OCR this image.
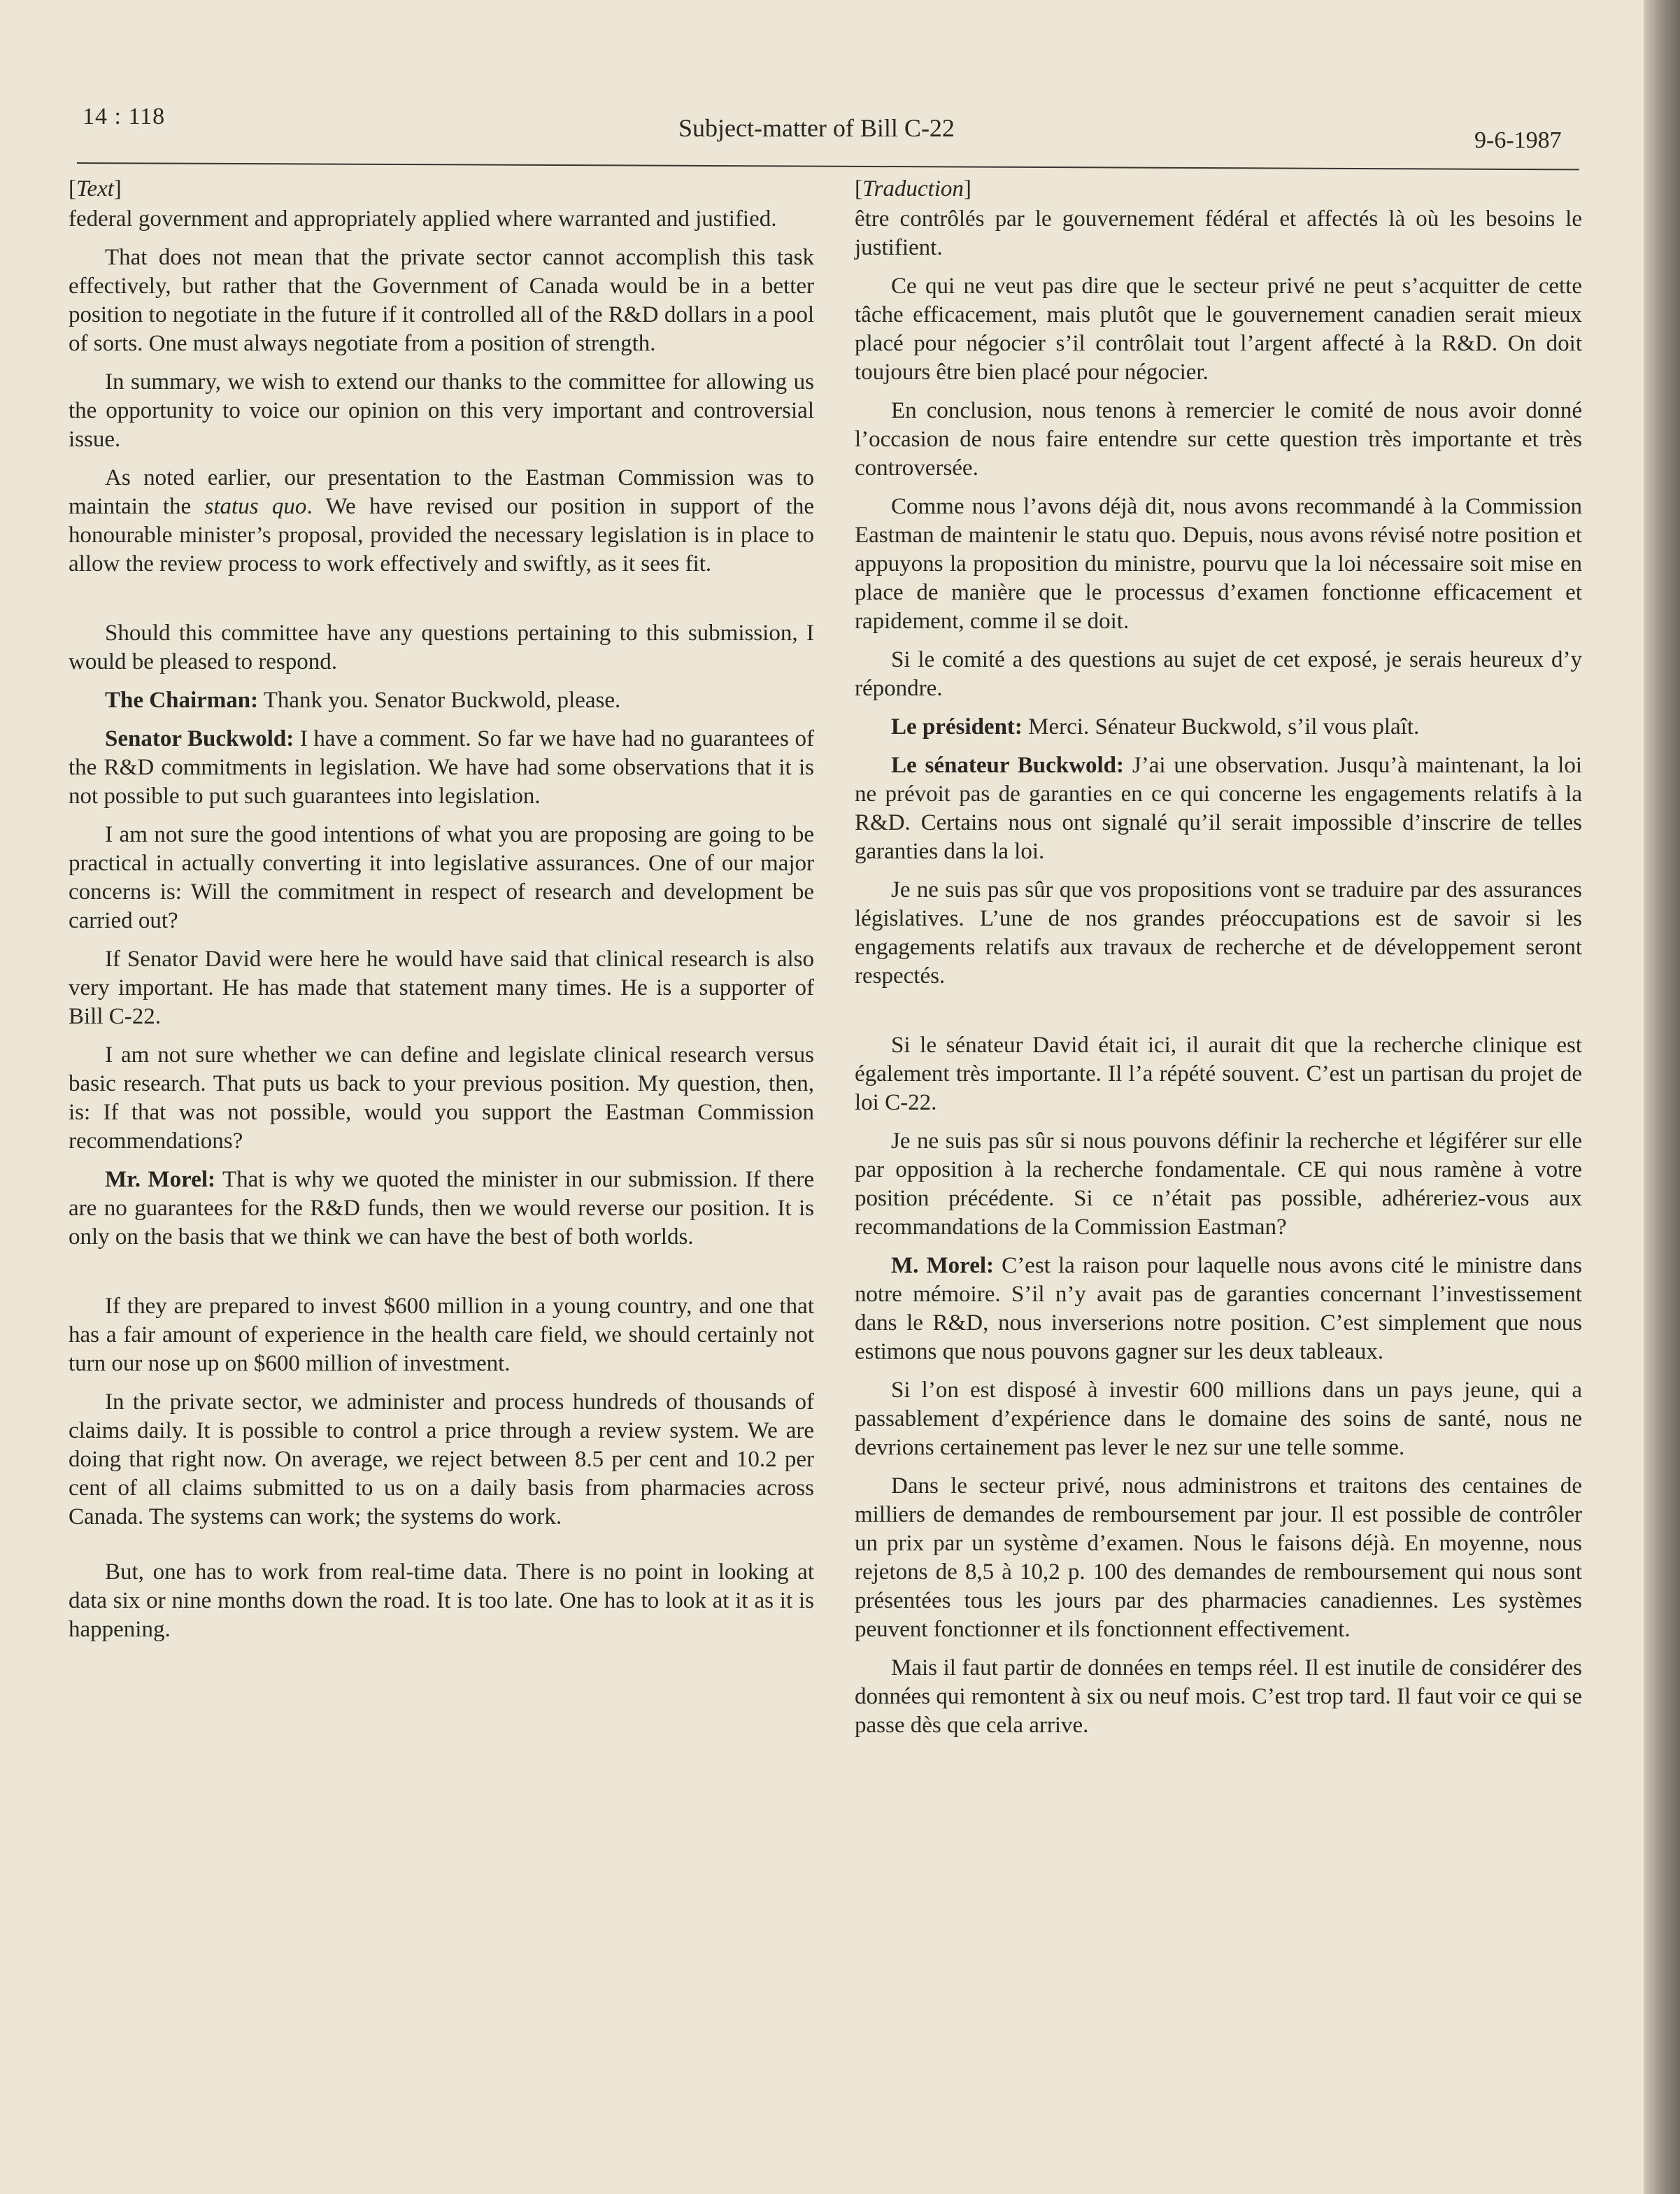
14 : 118	Subject-matter of Bill C-22	9-6-1987
[Text]

federal government and appropriately applied where warranted and justified.

That does not mean that the private sector cannot accomplish this task effectively, but rather that the Government of Canada would be in a better position to negotiate in the future if it controlled all of the R&D dollars in a pool of sorts. One must always negotiate from a position of strength.

In summary, we wish to extend our thanks to the committee for allowing us the opportunity to voice our opinion on this very important and controversial issue.

As noted earlier, our presentation to the Eastman Commission was to maintain the status quo. We have revised our position in support of the honourable minister’s proposal, provided the necessary legislation is in place to allow the review process to work effectively and swiftly, as it sees fit.

Should this committee have any questions pertaining to this submission, I would be pleased to respond.

The Chairman: Thank you. Senator Buckwold, please.

Senator Buckwold: I have a comment. So far we have had no guarantees of the R&D commitments in legislation. We have had some observations that it is not possible to put such guarantees into legislation.

I am not sure the good intentions of what you are proposing are going to be practical in actually converting it into legislative assurances. One of our major concerns is: Will the commitment in respect of research and development be carried out?

If Senator David were here he would have said that clinical research is also very important. He has made that statement many times. He is a supporter of Bill C-22.

I am not sure whether we can define and legislate clinical research versus basic research. That puts us back to your previous position. My question, then, is: If that was not possible, would you support the Eastman Commission recommendations?

Mr. Morel: That is why we quoted the minister in our submission. If there are no guarantees for the R&D funds, then we would reverse our position. It is only on the basis that we think we can have the best of both worlds.

If they are prepared to invest $600 million in a young country, and one that has a fair amount of experience in the health care field, we should certainly not turn our nose up on $600 million of investment.

In the private sector, we administer and process hundreds of thousands of claims daily. It is possible to control a price through a review system. We are doing that right now. On average, we reject between 8.5 per cent and 10.2 per cent of all claims submitted to us on a daily basis from pharmacies across Canada. The systems can work; the systems do work.

But, one has to work from real-time data. There is no point in looking at data six or nine months down the road. It is too late. One has to look at it as it is happening.

[Traduction]

être contrôlés par le gouvernement fédéral et affectés là où les besoins le justifient.

Ce qui ne veut pas dire que le secteur privé ne peut s’acquitter de cette tâche efficacement, mais plutôt que le gouvernement canadien serait mieux placé pour négocier s’il contrôlait tout l’argent affecté à la R&D. On doit toujours être bien placé pour négocier.

En conclusion, nous tenons à remercier le comité de nous avoir donné l’occasion de nous faire entendre sur cette question très importante et très controversée.

Comme nous l’avons déjà dit, nous avons recommandé à la Commission Eastman de maintenir le statu quo. Depuis, nous avons révisé notre position et appuyons la proposition du ministre, pourvu que la loi nécessaire soit mise en place de manière que le processus d’examen fonctionne efficacement et rapidement, comme il se doit.

Si le comité a des questions au sujet de cet exposé, je serais heureux d’y répondre.

Le président: Merci. Sénateur Buckwold, s’il vous plaît.

Le sénateur Buckwold: J’ai une observation. Jusqu’à maintenant, la loi ne prévoit pas de garanties en ce qui concerne les engagements relatifs à la R&D. Certains nous ont signalé qu’il serait impossible d’inscrire de telles garanties dans la loi.

Je ne suis pas sûr que vos propositions vont se traduire par des assurances législatives. L’une de nos grandes préoccupations est de savoir si les engagements relatifs aux travaux de recherche et de développement seront respectés.

Si le sénateur David était ici, il aurait dit que la recherche clinique est également très importante. Il l’a répété souvent. C’est un partisan du projet de loi C-22.

Je ne suis pas sûr si nous pouvons définir la recherche et légiférer sur elle par opposition à la recherche fondamentale. CE qui nous ramène à votre position précédente. Si ce n’était pas possible, adhéreriez-vous aux recommandations de la Commission Eastman?

M. Morel: C’est la raison pour laquelle nous avons cité le ministre dans notre mémoire. S’il n’y avait pas de garanties concernant l’investissement dans le R&D, nous inverserions notre position. C’est simplement que nous estimons que nous pouvons gagner sur les deux tableaux.

Si l’on est disposé à investir 600 millions dans un pays jeune, qui a passablement d’expérience dans le domaine des soins de santé, nous ne devrions certainement pas lever le nez sur une telle somme.

Dans le secteur privé, nous administrons et traitons des centaines de milliers de demandes de remboursement par jour. Il est possible de contrôler un prix par un système d’examen. Nous le faisons déjà. En moyenne, nous rejetons de 8,5 à 10,2 p. 100 des demandes de remboursement qui nous sont présentées tous les jours par des pharmacies canadiennes. Les systèmes peuvent fonctionner et ils fonctionnent effectivement.

Mais il faut partir de données en temps réel. Il est inutile de considérer des données qui remontent à six ou neuf mois. C’est trop tard. Il faut voir ce qui se passe dès que cela arrive.
